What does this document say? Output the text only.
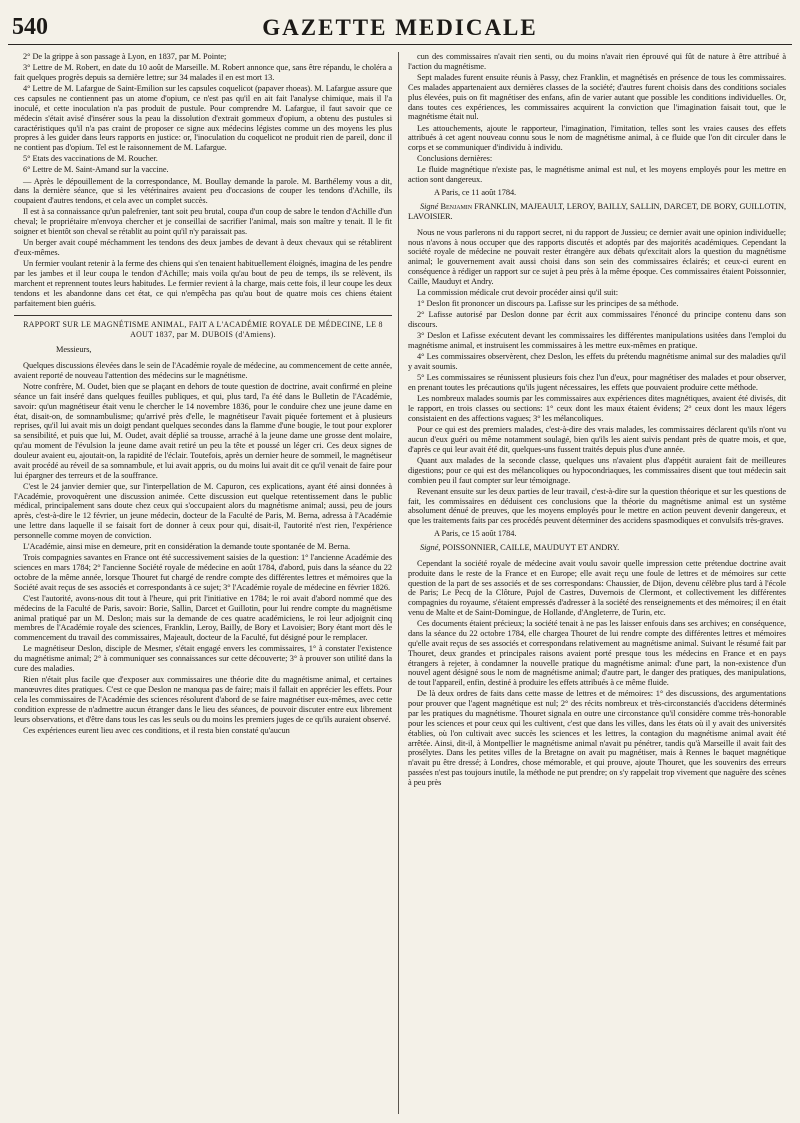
540	GAZETTE MEDICALE

2° De la grippe à son passage à Lyon, en 1837, par M. Pointe;

3° Lettre de M. Robert, en date du 10 août de Marseille. M. Robert annonce que, sans être répandu, le choléra a fait quelques progrès depuis sa dernière lettre; sur 34 malades il en est mort 13.

4° Lettre de M. Lafargue de Saint-Emilion sur les capsules coquelicot (papaver rhoeas). M. Lafargue assure que ces capsules ne contiennent pas un atome d'opium, ce n'est pas qu'il en ait fait l'analyse chimique, mais il l'a inoculé, et cette inoculation n'a pas produit de pustule. Pour comprendre M. Lafargue, il faut savoir que ce médecin s'était avisé d'insérer sous la peau la dissolution d'extrait gommeux d'opium, a obtenu des pustules si caractéristiques qu'il n'a pas craint de proposer ce signe aux médecins légistes comme un des moyens les plus propres à les guider dans leurs rapports en justice: or, l'inoculation du coquelicot ne produit rien de pareil, donc il ne contient pas d'opium. Tel est le raisonnement de M. Lafargue.

5° Etats des vaccinations de M. Roucher.

6° Lettre de M. Saint-Amand sur la vaccine.

— Après le dépouillement de la correspondance, M. Boullay demande la parole. M. Barthélemy vous a dit, dans la dernière séance, que si les vétérinaires avaient peu d'occasions de couper les tendons d'Achille, ils coupaient d'autres tendons, et cela avec un complet succès.

Il est à sa connaissance qu'un palefrenier, tant soit peu brutal, coupa d'un coup de sabre le tendon d'Achille d'un cheval; le propriétaire m'envoya chercher et je conseillai de sacrifier l'animal, mais son maître y tenait. Il le fit soigner et bientôt son cheval se rétablit au point qu'il n'y paraissait pas.

Un berger avait coupé méchamment les tendons des deux jambes de devant à deux chevaux qui se rétablirent d'eux-mêmes.

Un fermier voulant retenir à la ferme des chiens qui s'en tenaient habituellement éloignés, imagina de les pendre par les jambes et il leur coupa le tendon d'Achille; mais voila qu'au bout de peu de temps, ils se relèvent, ils marchent et reprennent toutes leurs habitudes. Le fermier revient à la charge, mais cette fois, il leur coupe les deux tendons et les abandonne dans cet état, ce qui n'empêcha pas qu'au bout de quatre mois ces chiens étaient parfaitement bien guéris.

RAPPORT SUR LE MAGNÉTISME ANIMAL, FAIT A L'ACADÉMIE ROYALE DE MÉDECINE, LE 8 AOUT 1837, par M. DUBOIS (d'Amiens).

Messieurs,

Quelques discussions élevées dans le sein de l'Académie royale de médecine, au commencement de cette année, avaient reporté de nouveau l'attention des médecins sur le magnétisme.

Notre confrère, M. Oudet, bien que se plaçant en dehors de toute question de doctrine, avait confirmé en pleine séance un fait inséré dans quelques feuilles publiques, et qui, plus tard, l'a été dans le Bulletin de l'Académie, savoir: qu'un magnétiseur était venu le chercher le 14 novembre 1836, pour le conduire chez une jeune dame en état, disait-on, de somnambulisme; qu'arrivé près d'elle, le magnétiseur l'avait piquée fortement et à plusieurs reprises, qu'il lui avait mis un doigt pendant quelques secondes dans la flamme d'une bougie, le tout pour explorer sa sensibilité, et puis que lui, M. Oudet, avait déplié sa trousse, arraché à la jeune dame une grosse dent molaire, qu'au moment de l'évulsion la jeune dame avait retiré un peu la tête et poussé un léger cri. Ces deux signes de douleur avaient eu, ajoutait-on, la rapidité de l'éclair. Toutefois, après un dernier heure de sommeil, le magnétiseur avait procédé au réveil de sa somnambule, et lui avait appris, ou du moins lui avait dit ce qu'il venait de faire pour lui épargner des terreurs et de la souffrance.

C'est le 24 janvier dernier que, sur l'interpellation de M. Capuron, ces explications, ayant été ainsi données à l'Académie, provoquèrent une discussion animée. Cette discussion eut quelque retentissement dans le public médical, principalement sans doute chez ceux qui s'occupaient alors du magnétisme animal; aussi, peu de jours après, c'est-à-dire le 12 février, un jeune médecin, docteur de la Faculté de Paris, M. Berna, adressa à l'Académie une lettre dans laquelle il se faisait fort de donner à ceux pour qui, disait-il, l'autorité n'est rien, l'expérience personnelle comme moyen de conviction.

L'Académie, ainsi mise en demeure, prit en considération la demande toute spontanée de M. Berna.

Trois compagnies savantes en France ont été successivement saisies de la question: 1° l'ancienne Académie des sciences en mars 1784; 2° l'ancienne Société royale de médecine en août 1784, d'abord, puis dans la séance du 22 octobre de la même année, lorsque Thouret fut chargé de rendre compte des différentes lettres et mémoires que la Société avait reçus de ses associés et correspondants à ce sujet; 3° l'Académie royale de médecine en février 1826.

C'est l'autorité, avons-nous dit tout à l'heure, qui prit l'initiative en 1784; le roi avait d'abord nommé que des médecins de la Faculté de Paris, savoir: Borie, Sallin, Darcet et Guillotin, pour lui rendre compte du magnétisme animal pratiqué par un M. Deslon; mais sur la demande de ces quatre académiciens, le roi leur adjoignit cinq membres de l'Académie royale des sciences, Franklin, Leroy, Bailly, de Bory et Lavoisier; Bory étant mort dès le commencement du travail des commissaires, Majeault, docteur de la Faculté, fut désigné pour le remplacer.

Le magnétiseur Deslon, disciple de Mesmer, s'était engagé envers les commissaires, 1° à constater l'existence du magnétisme animal; 2° à communiquer ses connaissances sur cette découverte; 3° à prouver son utilité dans la cure des maladies.

Rien n'était plus facile que d'exposer aux commissaires une théorie dite du magnétisme animal, et certaines manœuvres dites pratiques. C'est ce que Deslon ne manqua pas de faire; mais il fallait en apprécier les effets. Pour cela les commissaires de l'Académie des sciences résolurent d'abord de se faire magnétiser eux-mêmes, avec cette condition expresse de n'admettre aucun étranger dans le lieu des séances, de pouvoir discuter entre eux librement leurs observations, et d'être dans tous les cas les seuls ou du moins les premiers juges de ce qu'ils auraient observé.

Ces expériences eurent lieu avec ces conditions, et il resta bien constaté qu'aucun

cun des commissaires n'avait rien senti, ou du moins n'avait rien éprouvé qui fût de nature à être attribué à l'action du magnétisme.

Sept malades furent ensuite réunis à Passy, chez Franklin, et magnétisés en présence de tous les commissaires. Ces malades appartenaient aux dernières classes de la société; d'autres furent choisis dans des conditions sociales plus élevées, puis on fit magnétiser des enfans, afin de varier autant que possible les conditions individuelles. Or, dans toutes ces expériences, les commissaires acquirent la conviction que l'imagination faisait tout, que le magnétisme était nul.

Les attouchements, ajoute le rapporteur, l'imagination, l'imitation, telles sont les vraies causes des effets attribués à cet agent nouveau connu sous le nom de magnétisme animal, à ce fluide que l'on dit circuler dans le corps et se communiquer d'individu à individu.

Conclusions dernières:

Le fluide magnétique n'existe pas, le magnétisme animal est nul, et les moyens employés pour les mettre en action sont dangereux.

A Paris, ce 11 août 1784.

Signé Benjamin FRANKLIN, MAJEAULT, LEROY, BAILLY, SALLIN, DARCET, DE BORY, GUILLOTIN, LAVOISIER.

Nous ne vous parlerons ni du rapport secret, ni du rapport de Jussieu; ce dernier avait une opinion individuelle; nous n'avons à nous occuper que des rapports discutés et adoptés par des majorités académiques. Cependant la société royale de médecine ne pouvait rester étrangère aux débats qu'excitait alors la question du magnétisme animal; le gouvernement avait aussi choisi dans son sein des commissaires éclairés; et ceux-ci eurent en conséquence à rédiger un rapport sur ce sujet à peu près à la même époque. Ces commissaires étaient Poissonnier, Caille, Mauduyt et Andry.

La commission médicale crut devoir procéder ainsi qu'il suit:

1° Deslon fit prononcer un discours pa. Lafisse sur les principes de sa méthode.

2° Lafisse autorisé par Deslon donne par écrit aux commissaires l'énoncé du principe contenu dans son discours.

3° Deslon et Lafisse exécutent devant les commissaires les différentes manipulations usitées dans l'emploi du magnétisme animal, et instruisent les commissaires à les mettre eux-mêmes en pratique.

4° Les commissaires observèrent, chez Deslon, les effets du prétendu magnétisme animal sur des maladies qu'il y avait soumis.

5° Les commissaires se réunissent plusieurs fois chez l'un d'eux, pour magnétiser des malades et pour observer, en prenant toutes les précautions qu'ils jugent nécessaires, les effets que pouvaient produire cette méthode.

Les nombreux malades soumis par les commissaires aux expériences dites magnétiques, avaient été divisés, dit le rapport, en trois classes ou sections: 1° ceux dont les maux étaient évidens; 2° ceux dont les maux légers consistaient en des affections vagues; 3° les mélancoliques.

Pour ce qui est des premiers malades, c'est-à-dire des vrais malades, les commissaires déclarent qu'ils n'ont vu aucun d'eux guéri ou même notamment soulagé, bien qu'ils les aient suivis pendant près de quatre mois, et que, d'après ce qui leur avait été dit, quelques-uns fussent traités depuis plus d'une année.

Quant aux malades de la seconde classe, quelques uns n'avaient plus d'appétit auraient fait de meilleures digestions; pour ce qui est des mélancoliques ou hypocondriaques, les commissaires disent que tout médecin sait combien peu il faut compter sur leur témoignage.

Revenant ensuite sur les deux parties de leur travail, c'est-à-dire sur la question théorique et sur les questions de fait, les commissaires en déduisent ces conclusions que la théorie du magnétisme animal est un système absolument dénué de preuves, que les moyens employés pour le mettre en action peuvent devenir dangereux, et que les traitements faits par ces procédés peuvent déterminer des accidens spasmodiques et convulsifs très-graves.

A Paris, ce 15 août 1784.

Signé, POISSONNIER, CAILLE, MAUDUYT ET ANDRY.

Cependant la société royale de médecine avait voulu savoir quelle impression cette prétendue doctrine avait produite dans le reste de la France et en Europe; elle avait reçu une foule de lettres et de mémoires sur cette question de la part de ses associés et de ses correspondans: Chaussier, de Dijon, devenu célèbre plus tard à l'école de Paris; Le Pecq de la Clôture, Pujol de Castres, Duvernois de Clermont, et collectivement les différentes compagnies du royaume, s'étaient empressés d'adresser à la société des renseignements et des mémoires; il en était venu de Malte et de Saint-Domingue, de Hollande, d'Angleterre, de Turin, etc.

Ces documents étaient précieux; la société tenait à ne pas les laisser enfouis dans ses archives; en conséquence, dans la séance du 22 octobre 1784, elle chargea Thouret de lui rendre compte des différentes lettres et mémoires qu'elle avait reçus de ses associés et correspondans relativement au magnétisme animal. Suivant le résumé fait par Thouret, deux grandes et principales raisons avaient porté presque tous les médecins en France et en pays étrangers à rejeter, à condamner la nouvelle pratique du magnétisme animal: d'une part, la non-existence d'un nouvel agent désigné sous le nom de magnétisme animal; d'autre part, le danger des pratiques, des manipulations, de tout l'appareil, enfin, destiné à produire les effets attribués à ce même fluide.

De là deux ordres de faits dans cette masse de lettres et de mémoires: 1° des discussions, des argumentations pour prouver que l'agent magnétique est nul; 2° des récits nombreux et très-circonstanciés d'accidens déterminés par les pratiques du magnétisme. Thouret signala en outre une circonstance qu'il considère comme très-honorable pour les sciences et pour ceux qui les cultivent, c'est que dans les villes, dans les états où il y avait des universités établies, où l'on cultivait avec succès les sciences et les lettres, la contagion du magnétisme animal avait été arrêtée. Ainsi, dit-il, à Montpellier le magnétisme animal n'avait pu pénétrer, tandis qu'à Marseille il avait fait des prosélytes. Dans les petites villes de la Bretagne on avait pu magnétiser, mais à Rennes le baquet magnétique n'avait pu être dressé; à Londres, chose mémorable, et qui prouve, ajoute Thouret, que les souvenirs des erreurs passées n'est pas toujours inutile, la méthode ne put prendre; on s'y rappelait trop vivement que naguère des scènes à peu près
